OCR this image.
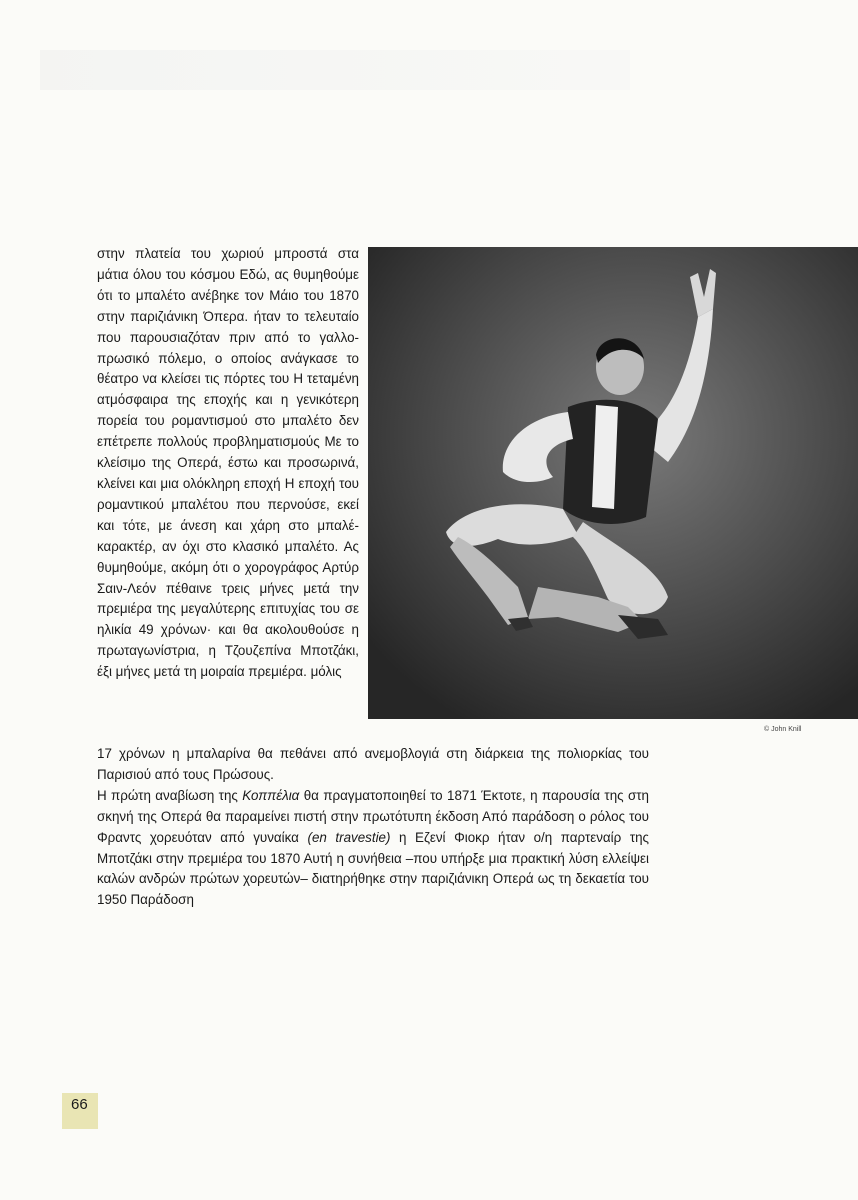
στην πλατεία του χωριού μπροστά στα μάτια όλου του κόσμου Εδώ, ας θυμηθούμε ότι το μπαλέτο ανέβηκε τον Μάιο του 1870 στην παριζιάνικη Όπερα. ήταν το τελευταίο που παρουσιαζόταν πριν από το γαλλο-πρωσικό πόλεμο, ο οποίος ανάγκασε το θέατρο να κλείσει τις πόρτες του Η τεταμένη ατμόσφαιρα της εποχής και η γενικότερη πορεία του ρομαντισμού στο μπαλέτο δεν επέτρεπε πολλούς προβληματισμούς Με το κλείσιμο της Οπερά, έστω και προσωρινά, κλείνει και μια ολόκληρη εποχή Η εποχή του ρομαντικού μπαλέτου που περνούσε, εκεί και τότε, με άνεση και χάρη στο μπαλέ-καρακτέρ, αν όχι στο κλασικό μπαλέτο. Ας θυμηθούμε, ακόμη ότι ο χορογράφος Αρτύρ Σαιν-Λεόν πέθαινε τρεις μήνες μετά την πρεμιέρα της μεγαλύτερης επιτυχίας του σε ηλικία 49 χρόνων· και θα ακολουθούσε η πρωταγωνίστρια, η Τζουζεπίνα Μποτζάκι, έξι μήνες μετά τη μοιραία πρεμιέρα. μόλις

© John Knill

17 χρόνων η μπαλαρίνα θα πεθάνει από ανεμοβλογιά στη διάρκεια της πολιορκίας του Παρισιού από τους Πρώσους.

Η πρώτη αναβίωση της Κοππέλια θα πραγματοποιηθεί το 1871 Έκτοτε, η παρουσία της στη σκηνή της Οπερά θα παραμείνει πιστή στην πρωτότυπη έκδοση Από παράδοση ο ρόλος του Φραντς χορευόταν από γυναίκα (en travestie) η Εζενί Φιοκρ ήταν ο/η παρτεναίρ της Μποτζάκι στην πρεμιέρα του 1870 Αυτή η συνήθεια –που υπήρξε μια πρακτική λύση ελλείψει καλών ανδρών πρώτων χορευτών– διατηρήθηκε στην παριζιάνικη Οπερά ως τη δεκαετία του 1950 Παράδοση

66
